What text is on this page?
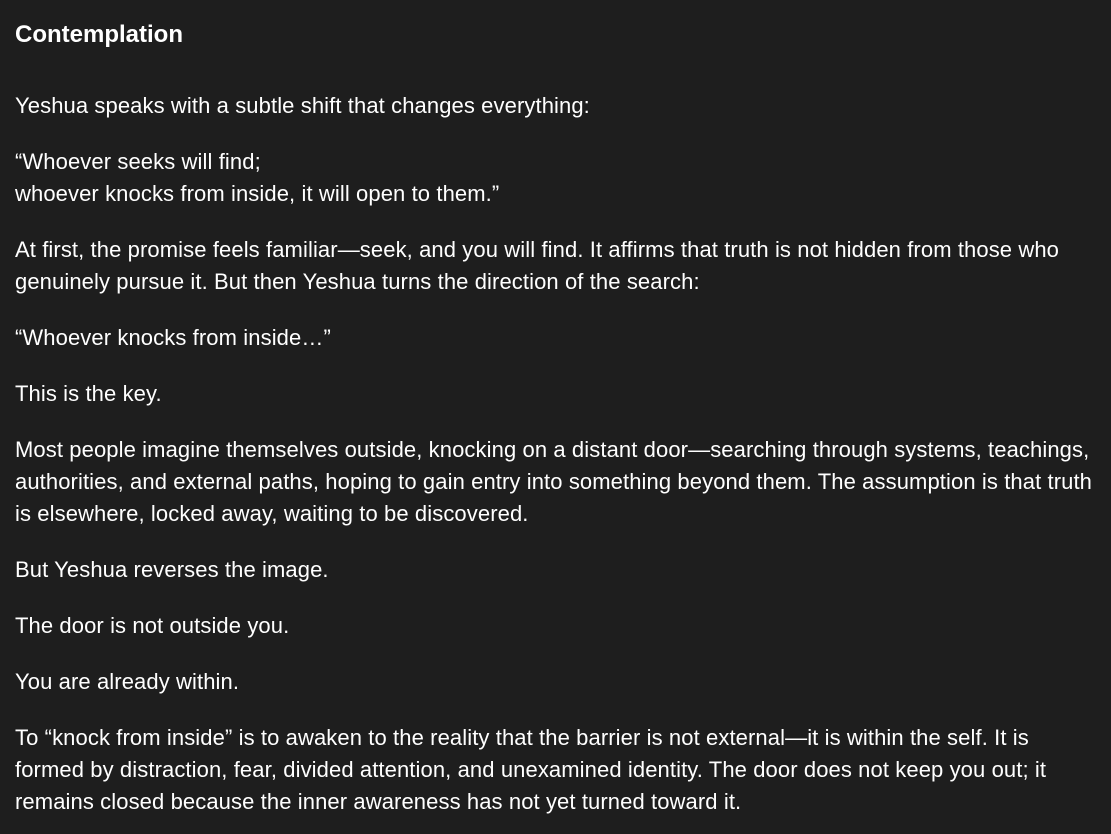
Contemplation

Yeshua speaks with a subtle shift that changes everything:

“Whoever seeks will find;
whoever knocks from inside, it will open to them.”

At first, the promise feels familiar—seek, and you will find. It affirms that truth is not hidden from those who genuinely pursue it. But then Yeshua turns the direction of the search:

“Whoever knocks from inside…”

This is the key.

Most people imagine themselves outside, knocking on a distant door—searching through systems, teachings, authorities, and external paths, hoping to gain entry into something beyond them. The assumption is that truth is elsewhere, locked away, waiting to be discovered.

But Yeshua reverses the image.

The door is not outside you.

You are already within.

To “knock from inside” is to awaken to the reality that the barrier is not external—it is within the self. It is formed by distraction, fear, divided attention, and unexamined identity. The door does not keep you out; it remains closed because the inner awareness has not yet turned toward it.
